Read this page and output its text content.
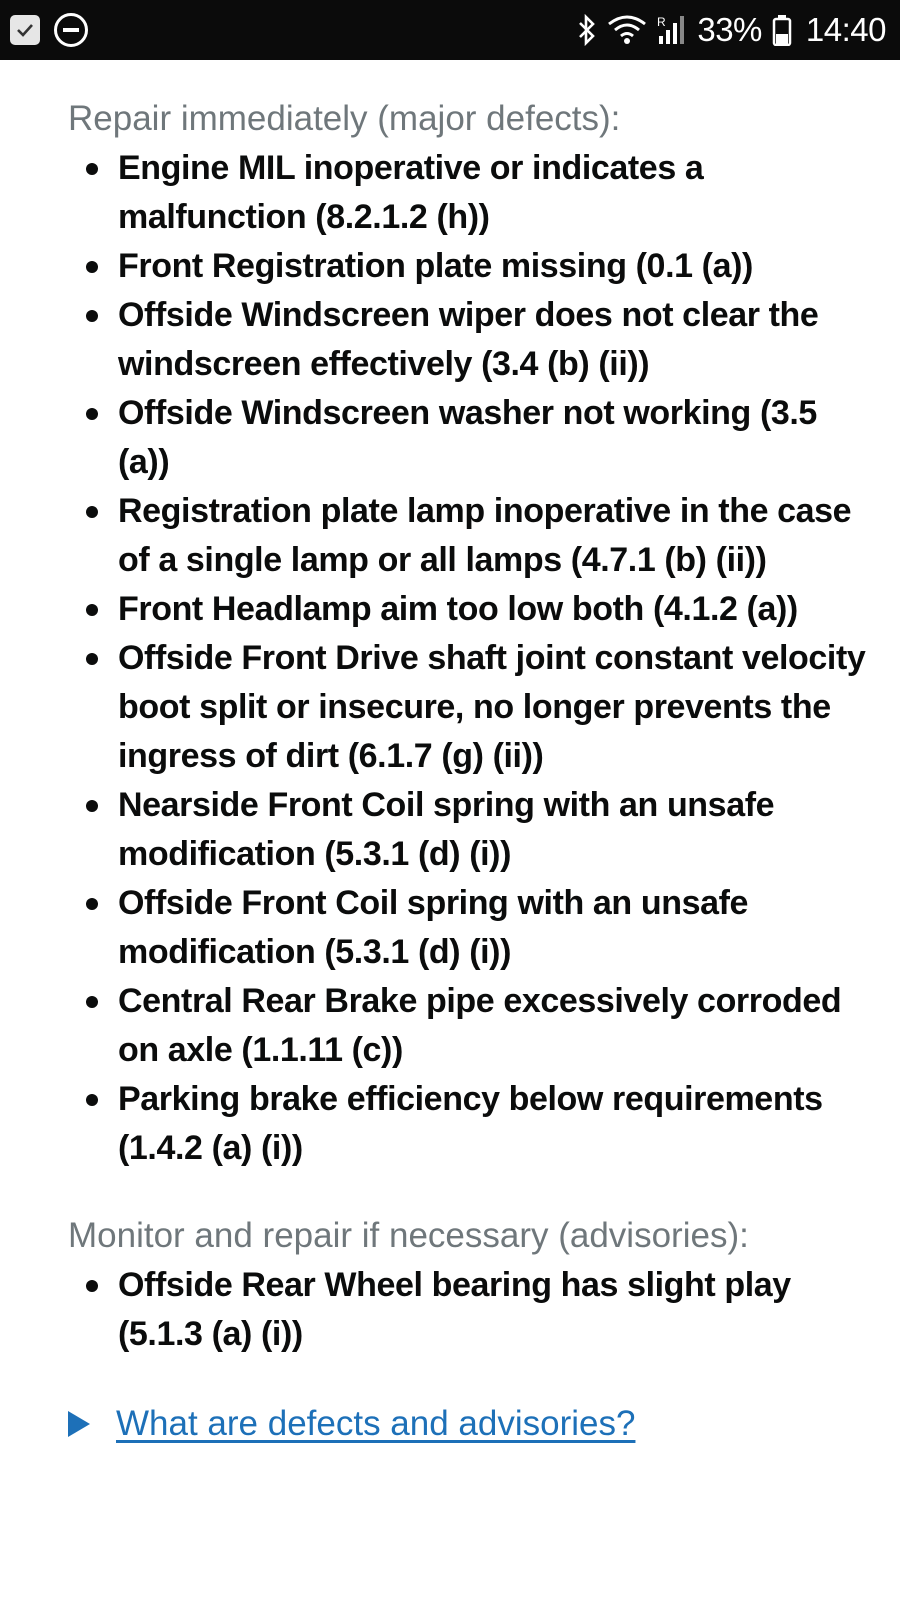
R 33% 14:40
Repair immediately (major defects):
Engine MIL inoperative or indicates a malfunction (8.2.1.2 (h))
Front Registration plate missing (0.1 (a))
Offside Windscreen wiper does not clear the windscreen effectively (3.4 (b) (ii))
Offside Windscreen washer not working (3.5 (a))
Registration plate lamp inoperative in the case of a single lamp or all lamps (4.7.1 (b) (ii))
Front Headlamp aim too low both (4.1.2 (a))
Offside Front Drive shaft joint constant velocity boot split or insecure, no longer prevents the ingress of dirt (6.1.7 (g) (ii))
Nearside Front Coil spring with an unsafe modification (5.3.1 (d) (i))
Offside Front Coil spring with an unsafe modification (5.3.1 (d) (i))
Central Rear Brake pipe excessively corroded on axle (1.1.11 (c))
Parking brake efficiency below requirements (1.4.2 (a) (i))
Monitor and repair if necessary (advisories):
Offside Rear Wheel bearing has slight play (5.1.3 (a) (i))
What are defects and advisories?
